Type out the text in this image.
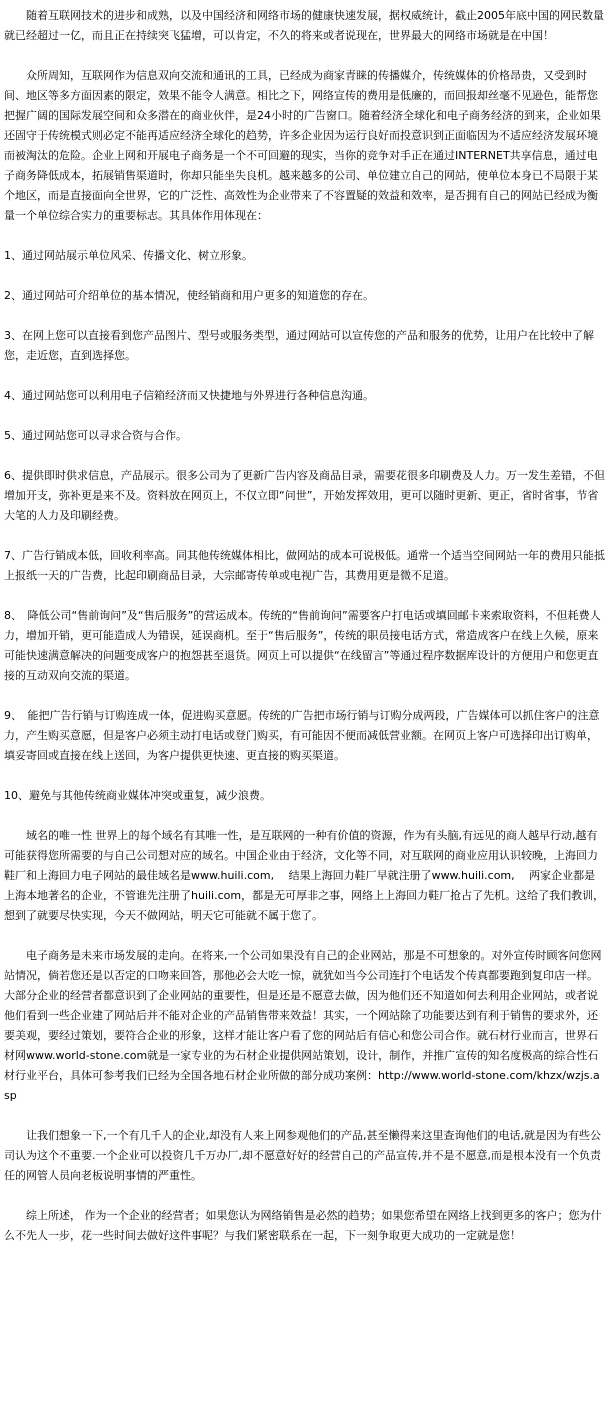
随着互联网技术的进步和成熟，以及中国经济和网络市场的健康快速发展，据权威统计，截止2005年底中国的网民数量就已经超过一亿，而且正在持续突飞猛增，可以肯定，不久的将来或者说现在，世界最大的网络市场就是在中国！

众所周知，互联网作为信息双向交流和通讯的工具，已经成为商家青睐的传播媒介，传统媒体的价格昂贵，又受到时间、地区等多方面因素的限定，效果不能令人满意。相比之下，网络宣传的费用是低廉的，而回报却丝毫不见逊色，能帮您把握广阔的国际发展空间和众多潜在的商业伙伴，是24小时的广告窗口。随着经济全球化和电子商务经济的到来，企业如果还固守于传统模式则必定不能再适应经济全球化的趋势，许多企业因为运行良好而投意识到正面临因为不适应经济发展环境而被淘汰的危险。企业上网和开展电子商务是一个不可回避的现实，当你的竞争对手正在通过INTERNET共享信息，通过电子商务降低成本，拓展销售渠道时，你却只能坐失良机。越来越多的公司、单位建立自己的网站，使单位本身已不局限于某个地区，而是直接面向全世界，它的广泛性、高效性为企业带来了不容置疑的效益和效率，是否拥有自己的网站已经成为衡量一个单位综合实力的重要标志。其具体作用体现在：

1、通过网站展示单位风采、传播文化、树立形象。

2、通过网站可介绍单位的基本情况，使经销商和用户更多的知道您的存在。

3、在网上您可以直接看到您产品图片、型号或服务类型，通过网站可以宣传您的产品和服务的优势，让用户在比较中了解您，走近您，直到选择您。

4、通过网站您可以利用电子信箱经济而又快捷地与外界进行各种信息沟通。

5、通过网站您可以寻求合资与合作。

6、提供即时供求信息，产品展示。很多公司为了更新广告内容及商品目录，需要花很多印刷费及人力。万一发生差错，不但增加开支，弥补更是来不及。资料放在网页上，不仅立即“问世”，开始发挥效用，更可以随时更新、更正，省时省事，节省大笔的人力及印刷经费。

7、广告行销成本低，回收利率高。同其他传统媒体相比，做网站的成本可说极低。通常一个适当空间网站一年的费用只能抵上报纸一天的广告费，比起印刷商品目录，大宗邮寄传单或电视广告，其费用更是微不足道。

8、　降低公司“售前询问”及“售后服务”的营运成本。传统的“售前询问”需要客户打电话或填回邮卡来索取资料，不但耗费人力，增加开销，更可能造成人为错误，延误商机。至于“售后服务”，传统的职员接电话方式，常造成客户在线上久候，原来可能快速满意解决的问题变成客户的抱怨甚至退货。网页上可以提供“在线留言”等通过程序数据库设计的方便用户和您更直接的互动双向交流的渠道。

9、　能把广告行销与订购连成一体，促进购买意愿。传统的广告把市场行销与订购分成两段，广告媒体可以抓住客户的注意力，产生购买意愿，但是客户必须主动打电话或登门购买，有可能因不便而减低营业额。在网页上客户可选择印出订购单，填妥寄回或直接在线上送回，为客户提供更快速、更直接的购买渠道。

10、避免与其他传统商业媒体冲突或重复，减少浪费。

域名的唯一性 世界上的每个域名有其唯一性，是互联网的一种有价值的资源，作为有头脑,有远见的商人越早行动,越有可能获得您所需要的与自己公司想对应的域名。中国企业由于经济，文化等不同，对互联网的商业应用认识较晚，上海回力鞋厂和上海回力电子网站的最佳域名是www.huili.com,　 结果上海回力鞋厂早就注册了www.huili.com,　 两家企业都是上海本地著名的企业，不管谁先注册了huili.com，都是无可厚非之事，网络上上海回力鞋厂抢占了先机。这给了我们教训，想到了就要尽快实现，今天不做网站，明天它可能就不属于您了。

电子商务是未来市场发展的走向。在将来,一个公司如果没有自己的企业网站，那是不可想象的。对外宣传时顾客问您网站情况，倘若您还是以否定的口吻来回答，那他必会大吃一惊，就犹如当今公司连打个电话发个传真都要跑到复印店一样。大部分企业的经营者都意识到了企业网站的重要性，但是还是不愿意去做，因为他们还不知道如何去利用企业网站，或者说他们看到一些企业建了网站后并不能对企业的产品销售带来效益！其实，一个网站除了功能要达到有利于销售的要求外，还要美观，要经过策划，要符合企业的形象，这样才能让客户看了您的网站后有信心和您公司合作。就石材行业而言，世界石材网www.world-stone.com就是一家专业的为石材企业提供网站策划，设计，制作，并推广宣传的知名度极高的综合性石材行业平台，具体可参考我们已经为全国各地石材企业所做的部分成功案例：http://www.world-stone.com/khzx/wzjs.asp

让我们想象一下,一个有几千人的企业,却没有人来上网参观他们的产品,甚至懒得来这里查询他们的电话,就是因为有些公司认为这个不重要.一个企业可以投资几千万办厂,却不愿意好好的经营自己的产品宣传,并不是不愿意,而是根本没有一个负责任的网管人员向老板说明事情的严重性。

综上所述， 作为一个企业的经营者；如果您认为网络销售是必然的趋势；如果您希望在网络上找到更多的客户；您为什么不先人一步，花一些时间去做好这件事呢？与我们紧密联系在一起，下一刻争取更大成功的一定就是您！
